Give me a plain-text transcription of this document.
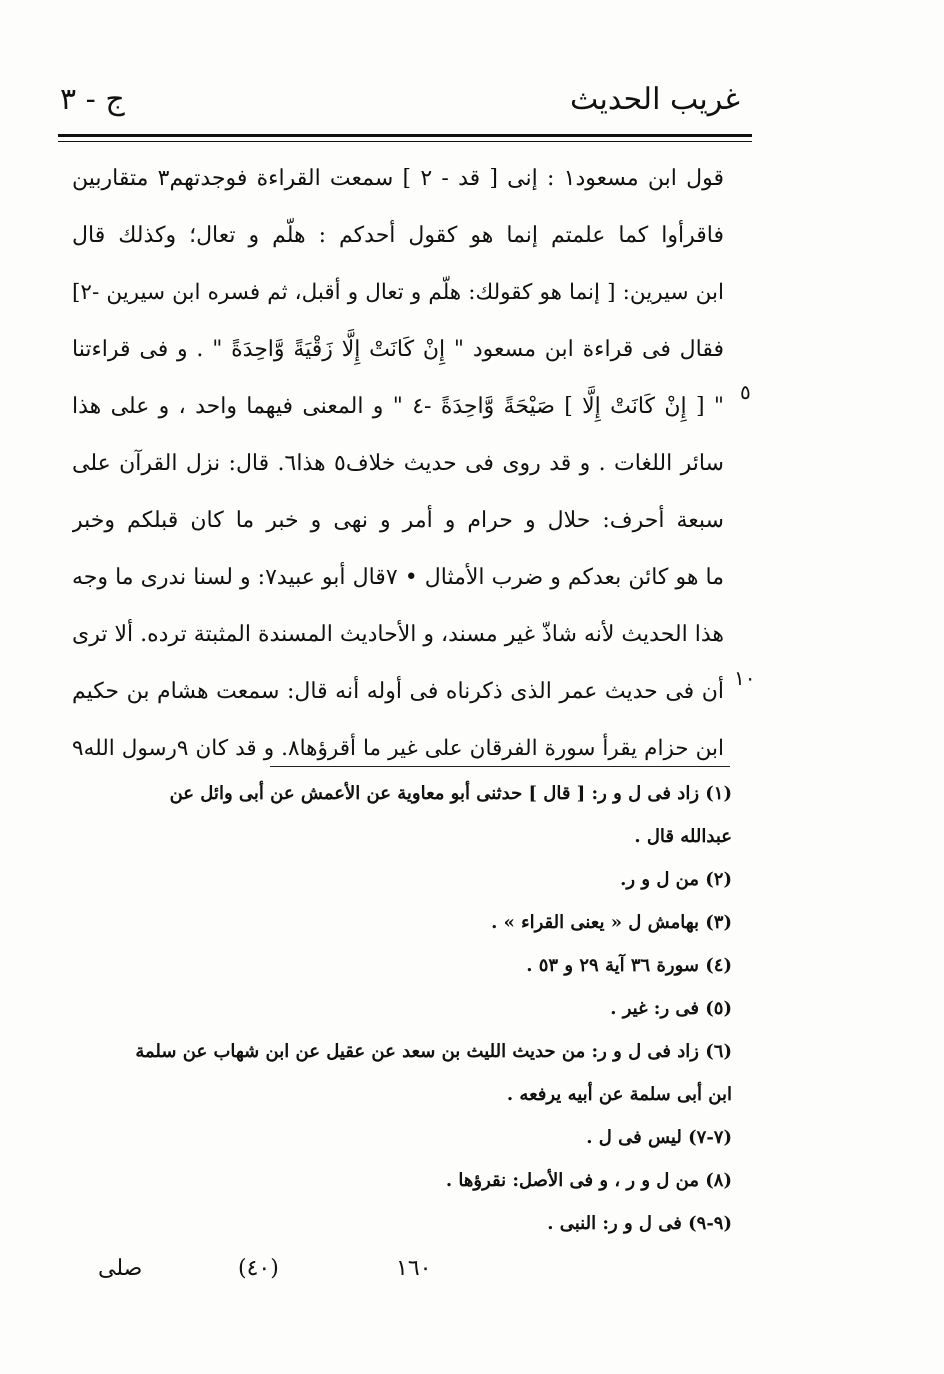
غريب الحديث
ج - ٣
قول ابن مسعود١ : إنى [ قد - ٢ ] سمعت القراءة فوجدتهم٣ متقاربين
فاقرأوا كما علمتم إنما هو كقول أحدكم : هلّم و تعال؛ وكذلك قال
ابن سيرين: [ إنما هو كقولك: هلّم و تعال و أقبل، ثم فسره ابن سيرين -٢]
فقال فى قراءة ابن مسعود " إِنْ كَانَتْ إِلَّا زَقْيَةً وَّاحِدَةً " . و فى قراءتنا
" [ إِنْ كَانَتْ إِلَّا ] صَيْحَةً وَّاحِدَةً -٤ " و المعنى فيهما واحد ، و على هذا
سائر اللغات . و قد روى فى حديث خلاف٥ هذا٦. قال: نزل القرآن على
سبعة أحرف: حلال و حرام و أمر و نهى و خبر ما كان قبلكم وخبر
ما هو كائن بعدكم و ضرب الأمثال • ٧قال أبو عبيد٧: و لسنا ندرى ما وجه
هذا الحديث لأنه شاذّ غير مسند، و الأحاديث المسندة المثبتة ترده. ألا ترى
أن فى حديث عمر الذى ذكرناه فى أوله أنه قال: سمعت هشام بن حكيم
ابن حزام يقرأ سورة الفرقان على غير ما أقرؤها٨. و قد كان ٩رسول الله٩
٥
١٠
(١) زاد فى ل و ر: [ قال ] حدثنى أبو معاوية عن الأعمش عن أبى وائل عن
عبدالله قال .
(٢) من ل و ر.
(٣) بهامش ل « يعنى القراء » .
(٤) سورة ٣٦ آية ٢٩ و ٥٣ .
(٥) فى ر: غير .
(٦) زاد فى ل و ر: من حديث الليث بن سعد عن عقيل عن ابن شهاب عن سلمة
ابن أبى سلمة عن أبيه يرفعه .
(٧-٧) ليس فى ل .
(٨) من ل و ر ، و فى الأصل: نقرؤها .
(٩-٩) فى ل و ر: النبى .
١٦٠
(٤٠)
صلى
